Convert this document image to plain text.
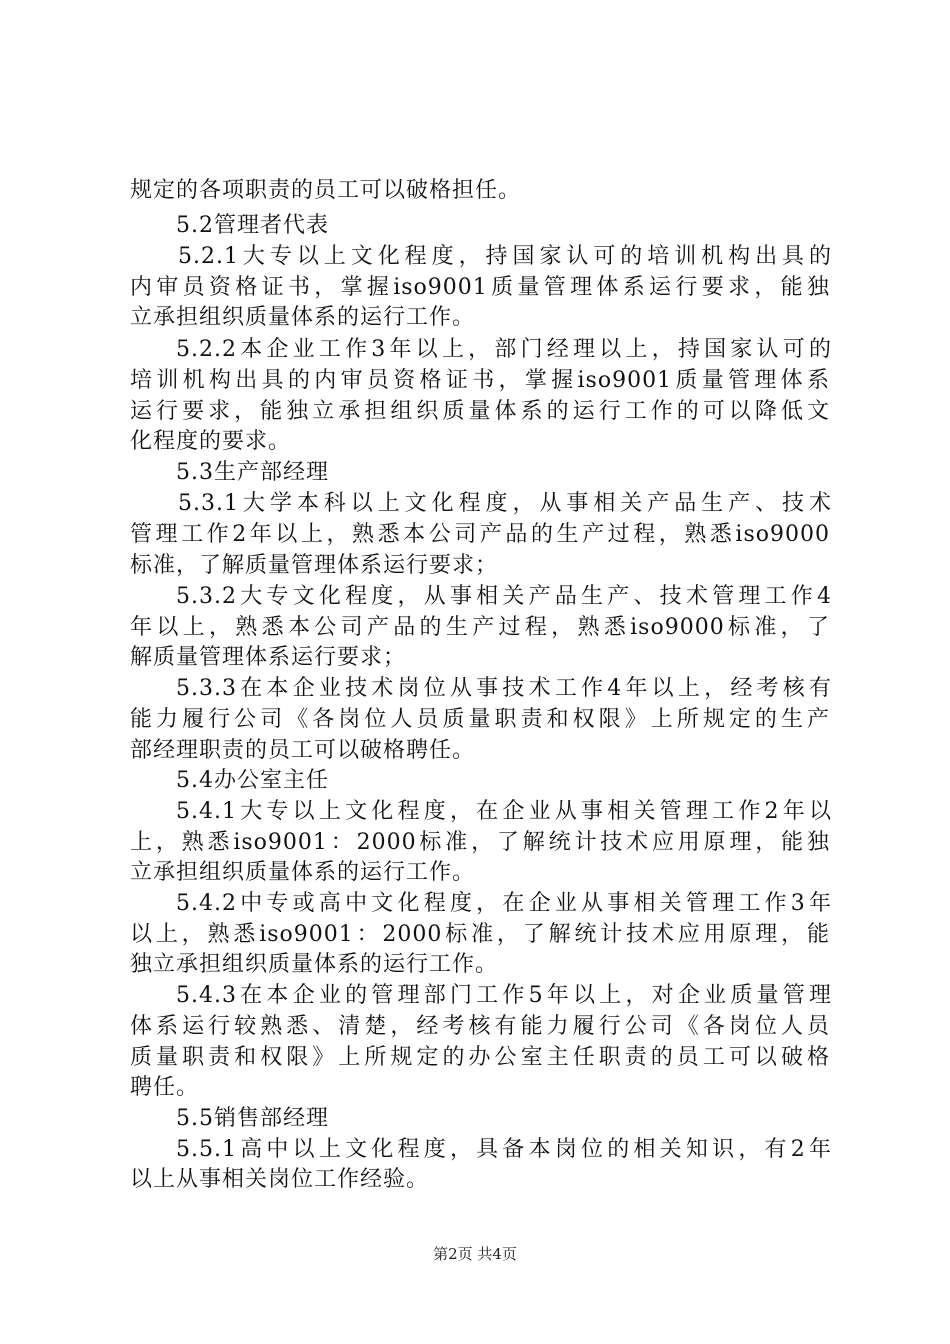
规定的各项职责的员工可以破格担任。
5.2管理者代表
5.2.1大专以上文化程度，持国家认可的培训机构出具的
内审员资格证书，掌握iso9001质量管理体系运行要求，能独
立承担组织质量体系的运行工作。
5.2.2本企业工作3年以上，部门经理以上，持国家认可的
培训机构出具的内审员资格证书，掌握iso9001质量管理体系
运行要求，能独立承担组织质量体系的运行工作的可以降低文
化程度的要求。
5.3生产部经理
5.3.1大学本科以上文化程度，从事相关产品生产、技术
管理工作2年以上，熟悉本公司产品的生产过程，熟悉iso9000
标准，了解质量管理体系运行要求；
5.3.2大专文化程度，从事相关产品生产、技术管理工作4
年以上，熟悉本公司产品的生产过程，熟悉iso9000标准，了
解质量管理体系运行要求；
5.3.3在本企业技术岗位从事技术工作4年以上，经考核有
能力履行公司《各岗位人员质量职责和权限》上所规定的生产
部经理职责的员工可以破格聘任。
5.4办公室主任
5.4.1大专以上文化程度，在企业从事相关管理工作2年以
上，熟悉iso9001：2000标准，了解统计技术应用原理，能独
立承担组织质量体系的运行工作。
5.4.2中专或高中文化程度，在企业从事相关管理工作3年
以上，熟悉iso9001：2000标准，了解统计技术应用原理，能
独立承担组织质量体系的运行工作。
5.4.3在本企业的管理部门工作5年以上，对企业质量管理
体系运行较熟悉、清楚，经考核有能力履行公司《各岗位人员
质量职责和权限》上所规定的办公室主任职责的员工可以破格
聘任。
5.5销售部经理
5.5.1高中以上文化程度，具备本岗位的相关知识，有2年
以上从事相关岗位工作经验。
第2页 共4页
